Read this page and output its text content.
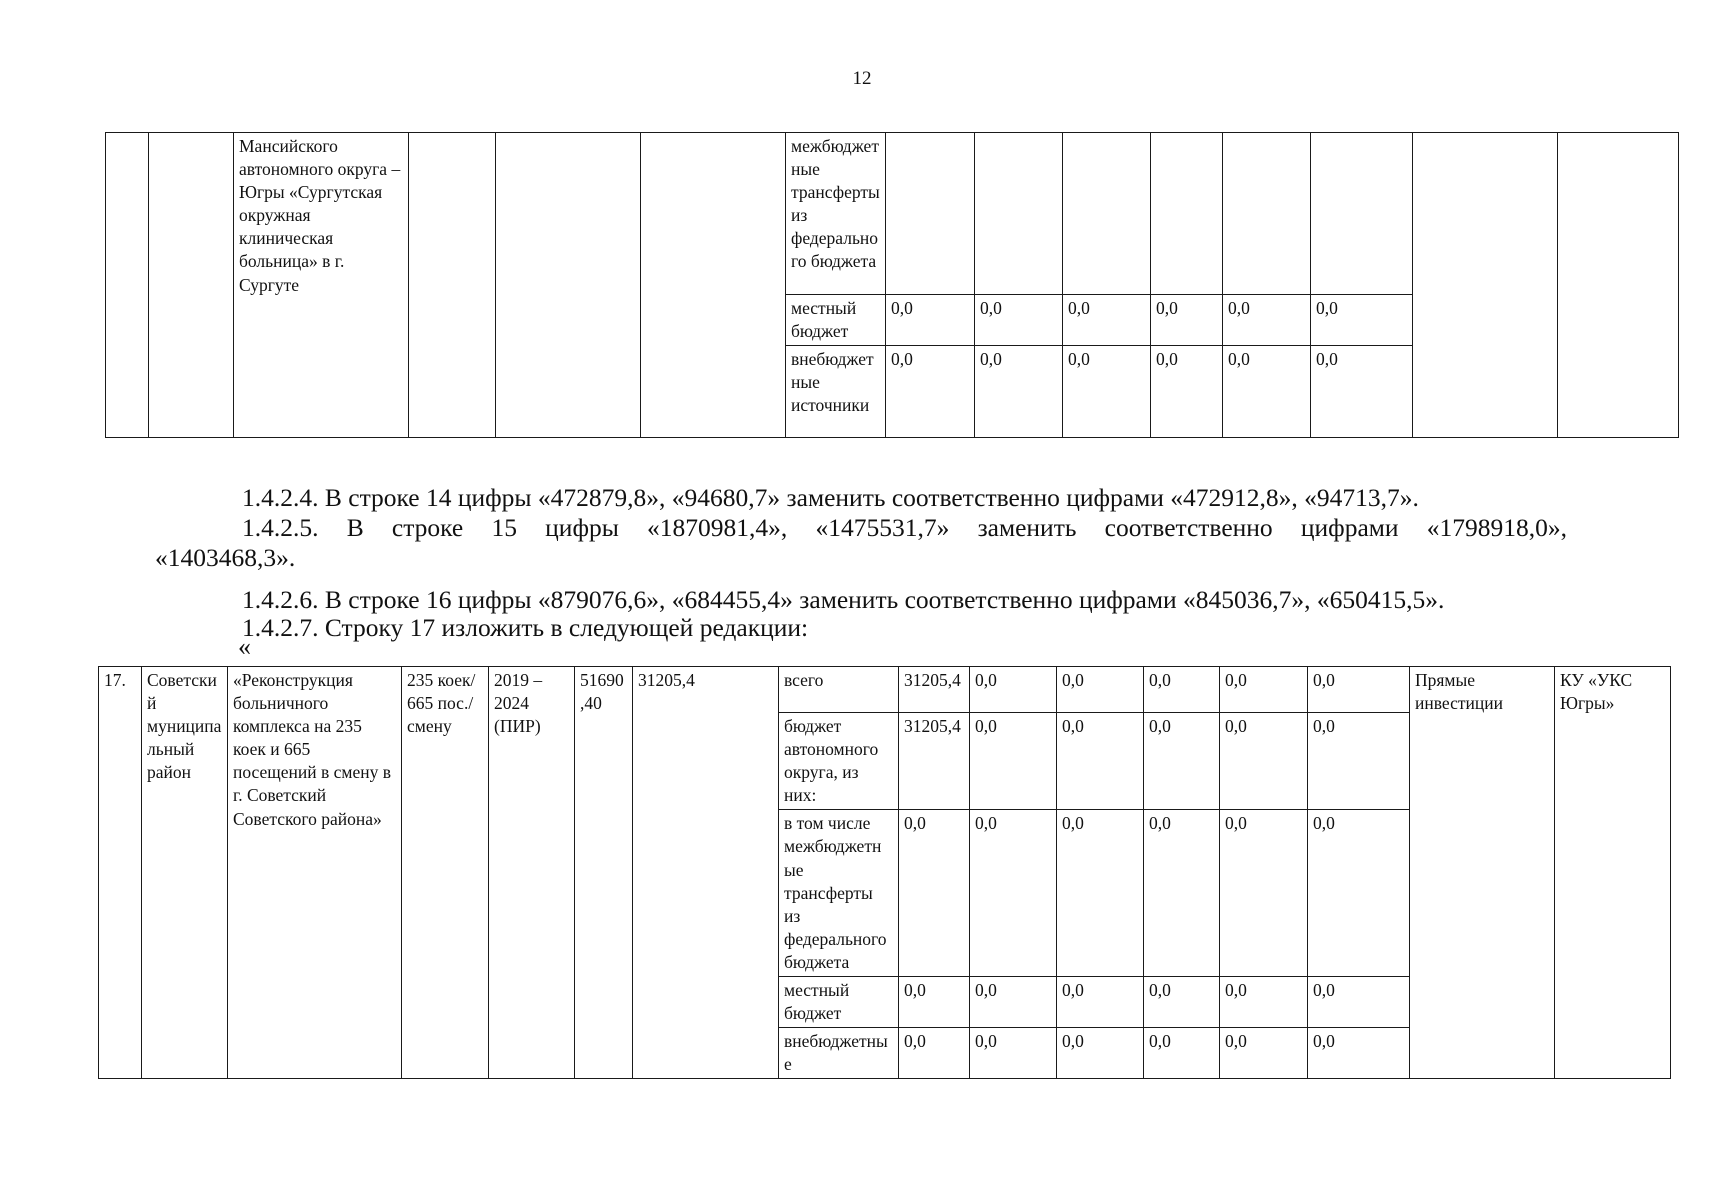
12
		Мансийского автономного округа – Югры «Сургутская окружная клиническая больница» в г. Сургуте				межбюджетные трансферты из федерального бюджета								
						местный бюджет	0,0	0,0	0,0	0,0	0,0	0,0		
						внебюджетные источники	0,0	0,0	0,0	0,0	0,0	0,0		
1.4.2.4. В строке 14 цифры «472879,8», «94680,7» заменить соответственно цифрами «472912,8», «94713,7».
1.4.2.5. В строке 15 цифры «1870981,4», «1475531,7» заменить соответственно цифрами «1798918,0»,
«1403468,3».
1.4.2.6. В строке 16 цифры «879076,6», «684455,4» заменить соответственно цифрами «845036,7», «650415,5».
1.4.2.7. Строку 17 изложить в следующей редакции:
«
17.	Советский муниципальный район	«Реконструкция больничного комплекса на 235 коек и 665 посещений в смену в г. Советский Советского района»	235 коек/ 665 пос./смену	2019 – 2024 (ПИР)	51690,40	31205,4	всего	31205,4	0,0	0,0	0,0	0,0	0,0	Прямые инвестиции	КУ «УКС Югры»
							бюджет автономного округа, из них:	31205,4	0,0	0,0	0,0	0,0	0,0		
							в том числе межбюджетные трансферты из федерального бюджета	0,0	0,0	0,0	0,0	0,0	0,0		
							местный бюджет	0,0	0,0	0,0	0,0	0,0	0,0		
							внебюджетные	0,0	0,0	0,0	0,0	0,0	0,0		
